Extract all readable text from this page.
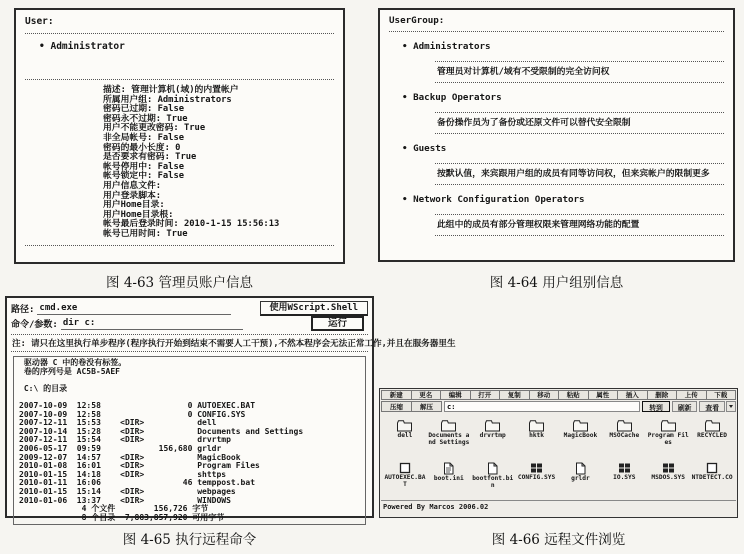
User:
• Administrator
描述: 管理计算机(域)的内置帐户
所属用户组: Administrators
密码已过期: False
密码永不过期: True
用户不能更改密码: True
非全局帐号: False
密码的最小长度: 0
是否要求有密码: True
帐号停用中: False
帐号锁定中: False
用户信息文件:
用户登录脚本:
用户Home目录:
用户Home目录根:
帐号最后登录时间: 2010-1-15 15:56:13
帐号已用时间: True
图 4-63 管理员账户信息
UserGroup:
• Administrators
管理员对计算机/域有不受限制的完全访问权
• Backup Operators
备份操作员为了备份或还原文件可以替代安全限制
• Guests
按默认值，来宾跟用户组的成员有同等访问权，但来宾帐户的限制更多
• Network Configuration Operators
此组中的成员有部分管理权限来管理网络功能的配置
图 4-64 用户组别信息
路径:
cmd.exe	使用WScript.Shell
命令/参数:
dir c:	运行
注: 请只在这里执行单步程序(程序执行开始到结束不需要人工干预),不然本程序会无法正常工作,并且在服务器里生
驱动器 C 中的卷没有标签。
卷的序列号是 AC5B-5AEF
C:\ 的目录
2007-10-09  12:58                  0 AUTOEXEC.BAT
2007-10-09  12:58                  0 CONFIG.SYS
2007-12-11  15:53    <DIR>           dell
2007-10-14  15:28    <DIR>           Documents and Settings
2007-12-11  15:54    <DIR>           drvrtmp
2006-05-17  09:59            156,680 grldr
2009-12-07  14:57    <DIR>           MagicBook
2010-01-08  16:01    <DIR>           Program Files
2010-01-15  14:18    <DIR>           shttps
2010-01-11  16:06                 46 temppost.bat
2010-01-15  15:14    <DIR>           webpages
2010-01-06  13:37    <DIR>           WINDOWS
4 个文件        156,726 字节
8 个目录  7,883,857,920 可用字节
图 4-65 执行远程命令
新建	更名	编辑	打开	复制	移动	粘贴	属性	插入	删除	上传	下载
压缩	解压
c:	转到	刷新	查看
dell	Documents and Settings
drvrtmp	hktk	MagicBook MSOCache Program Files
RECYCLED
AUTOEXEC.BAT
boot.ini bootfont.bin
CONFIG.SYS	grldr	IO.SYS	MSDOS.SYS NTDETECT.CO
Powered By Marcos 2006.02
图 4-66 远程文件浏览
